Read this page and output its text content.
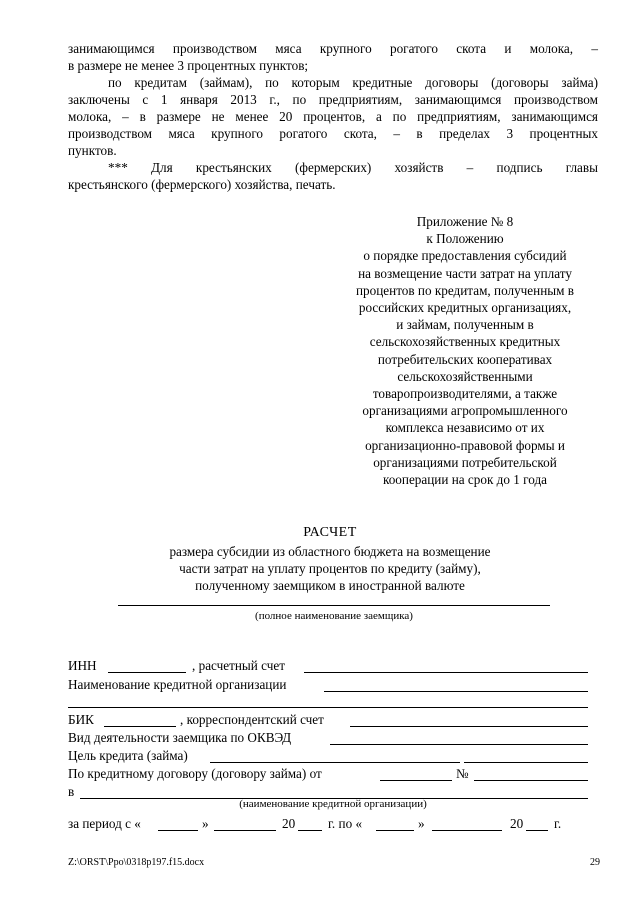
занимающимся производством мяса крупного рогатого скота и молока, –

в размере не менее 3 процентных пунктов;

по кредитам (займам), по которым кредитные договоры (договоры займа)

заключены с 1 января 2013 г., по предприятиям, занимающимся производством

молока, – в размере не менее 20 процентов, а по предприятиям, занимающимся

производством мяса крупного рогатого скота, – в пределах 3 процентных

пунктов.

*** Для крестьянских (фермерских) хозяйств – подпись главы

крестьянского (фермерского) хозяйства, печать.

Приложение № 8
к Положению
о порядке предоставления субсидий
на возмещение части затрат на уплату
процентов по кредитам, полученным в
российских кредитных организациях,
и займам, полученным в
сельскохозяйственных кредитных
потребительских кооперативах
сельскохозяйственными
товаропроизводителями, а также
организациями агропромышленного
комплекса независимо от их
организационно-правовой формы и
организациями потребительской
кооперации на срок до 1 года
РАСЧЕТ
размера субсидии из областного бюджета на возмещение
части затрат на уплату процентов по кредиту (займу),
полученному заемщиком в иностранной валюте
(полное наименование заемщика)
ИНН	, расчетный счет
Наименование кредитной организации
БИК	, корреспондентский счет
Вид деятельности заемщика по ОКВЭД
Цель кредита (займа)
По кредитному договору (договору займа) от	№
в
(наименование кредитной организации)
за период с «	»	20 г. по «	»	20 г.
Z:\ORST\Ppo\0318p197.f15.docx	29
